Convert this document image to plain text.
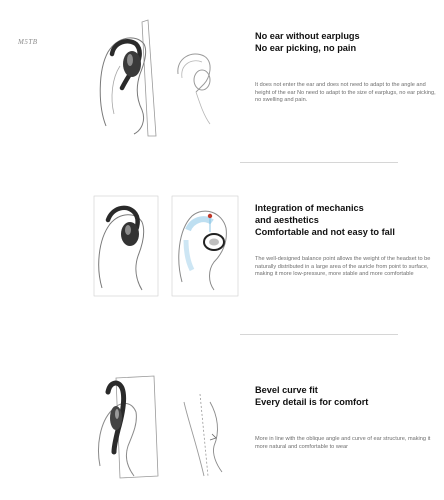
M5TB
No ear without earplugs
No ear picking, no pain

It does not enter the ear and does not need to adapt to the angle and height of the ear No need to adapt to the size of earplugs, no ear picking, no swelling and pain.

Integration of mechanics
and aesthetics
Comfortable and not easy to fall

The well-designed balance point allows the weight of the headset to be naturally distributed in a large area of the auricle from point to surface, making it more low-pressure, more stable and more comfortable

Bevel curve fit
Every detail is for comfort

More in line with the oblique angle and curve of ear structure, making it more natural and comfortable to wear
